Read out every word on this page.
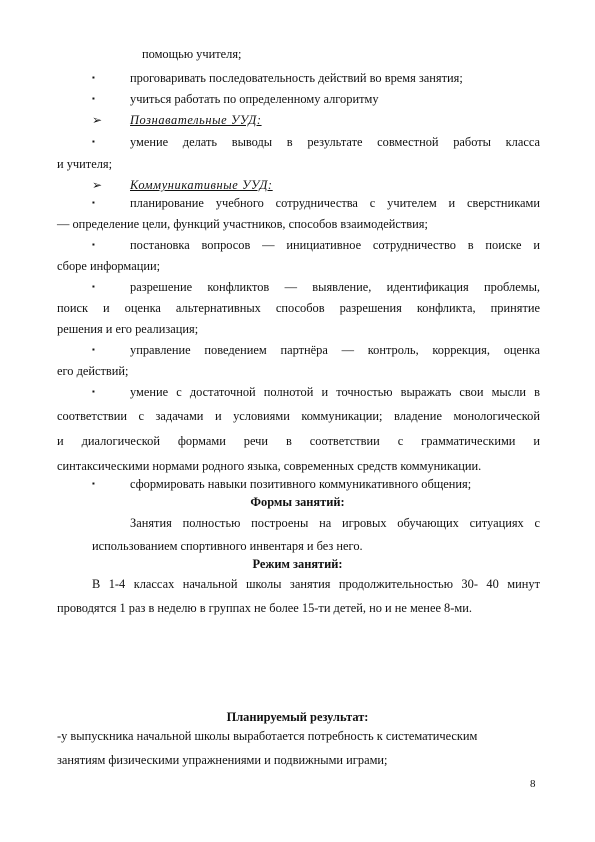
помощью учителя;
▪	проговаривать последовательность действий во время занятия;
▪	учиться работать по определенному алгоритму
➢ Познавательные УУД:
▪	умение делать выводы в результате совместной работы класса
и учителя;
➢ Коммуникативные УУД:
▪	планирование учебного сотрудничества с учителем и сверстниками
— определение цели, функций участников, способов взаимодействия;
▪	постановка вопросов — инициативное сотрудничество в поиске и
сборе информации;
▪	разрешение конфликтов — выявление, идентификация проблемы,
поиск и оценка альтернативных способов разрешения конфликта, принятие
решения и его реализация;
▪	управление поведением партнёра — контроль, коррекция, оценка
его действий;
▪	умение с достаточной полнотой и точностью выражать свои мысли в
соответствии с задачами и условиями коммуникации; владение монологической
и диалогической формами речи в соответствии с грамматическими и
синтаксическими нормами родного языка, современных средств коммуникации.
▪	сформировать навыки позитивного коммуникативного общения;
Формы занятий:
Занятия полностью построены на игровых обучающих ситуациях с
использованием спортивного инвентаря и без него.
Режим занятий:
В 1-4 классах начальной школы занятия продолжительностью 30- 40 минут
проводятся 1 раз в неделю в группах не более 15-ти детей, но и не менее 8-ми.
Планируемый результат:
-у выпускника начальной школы выработается потребность к систематическим
занятиям физическими упражнениями и подвижными играми;
8
